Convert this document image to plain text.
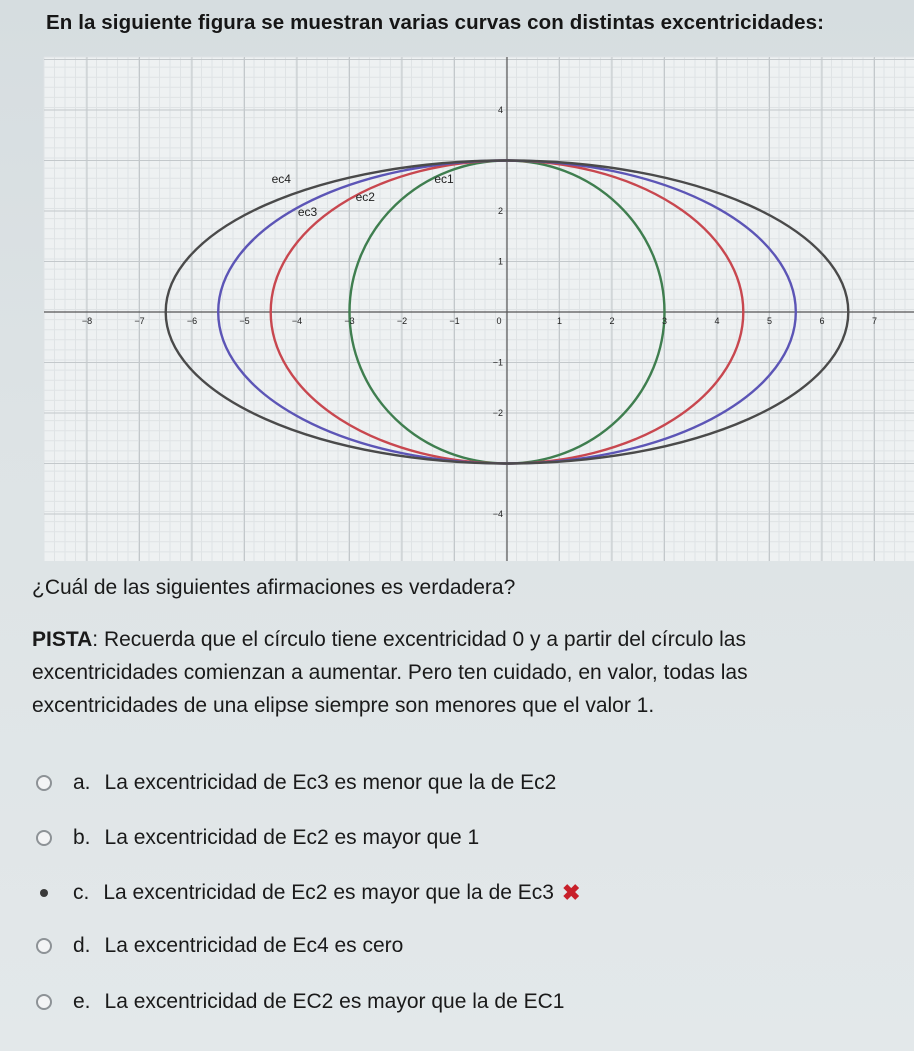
En la siguiente figura se muestran varias curvas con distintas excentricidades:
−8	−7	−6	−5	−4	−3	−2	−1	0	1	2	3	4	5	6	7
4
2
1
−1
−2
−4
ec4
ec2
ec3
ec1
¿Cuál de las siguientes afirmaciones es verdadera?
PISTA: Recuerda que el círculo tiene excentricidad 0 y a partir del círculo las excentricidades comienzan a aumentar. Pero ten cuidado, en valor, todas las excentricidades de una elipse siempre son menores que el valor 1.
a. La excentricidad de Ec3 es menor que la de Ec2
b. La excentricidad de Ec2 es mayor que 1
c. La excentricidad de Ec2 es mayor que la de Ec3 ✖
d. La excentricidad de Ec4 es cero
e. La excentricidad de EC2 es mayor que la de EC1
